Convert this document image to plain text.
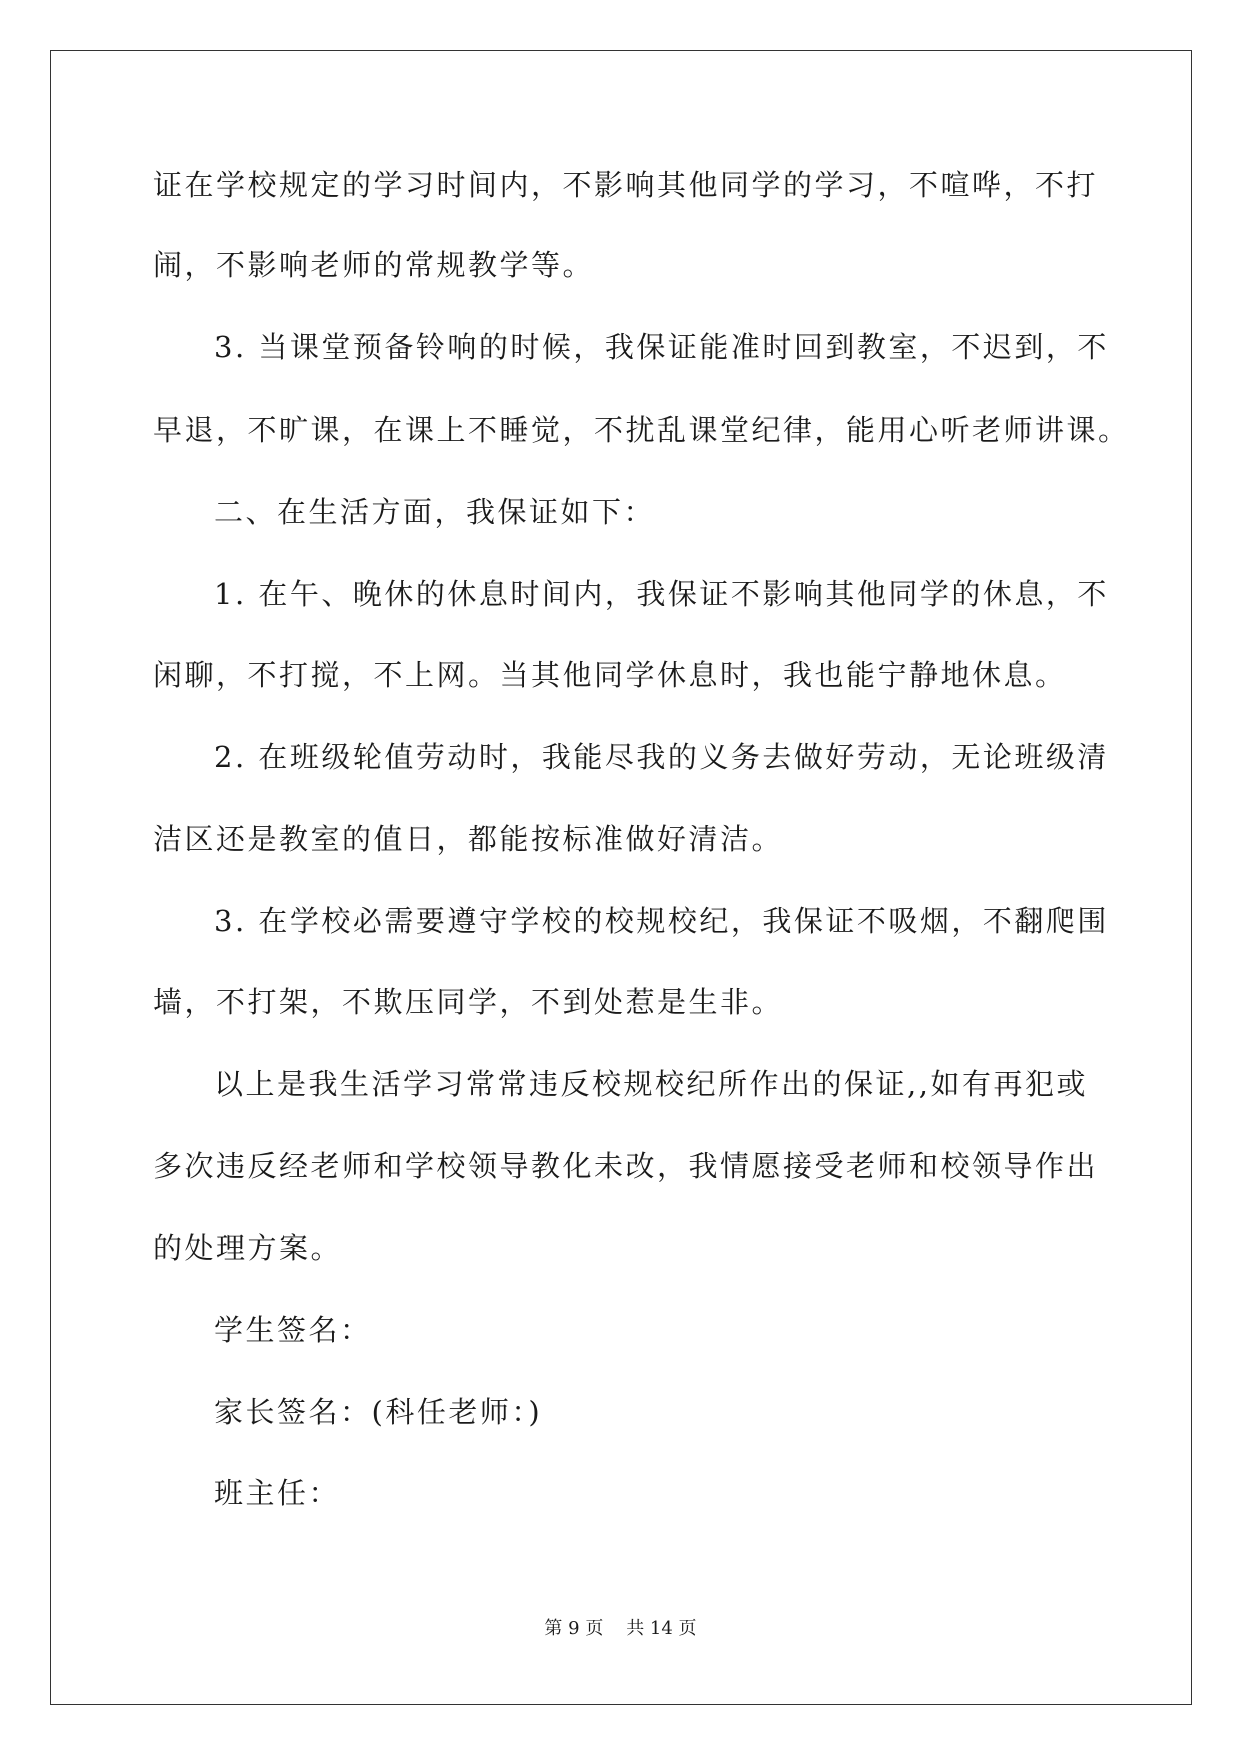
证在学校规定的学习时间内，不影响其他同学的学习，不喧哗，不打
闹，不影响老师的常规教学等。
3. 当课堂预备铃响的时候，我保证能准时回到教室，不迟到，不
早退，不旷课，在课上不睡觉，不扰乱课堂纪律，能用心听老师讲课。
二、在生活方面，我保证如下：
1. 在午、晚休的休息时间内，我保证不影响其他同学的休息，不
闲聊，不打搅，不上网。当其他同学休息时，我也能宁静地休息。
2. 在班级轮值劳动时，我能尽我的义务去做好劳动，无论班级清
洁区还是教室的值日，都能按标准做好清洁。
3. 在学校必需要遵守学校的校规校纪，我保证不吸烟，不翻爬围
墙，不打架，不欺压同学，不到处惹是生非。
以上是我生活学习常常违反校规校纪所作出的保证,,如有再犯或
多次违反经老师和学校领导教化未改，我情愿接受老师和校领导作出
的处理方案。
学生签名：
家长签名：(科任老师：)
班主任：
第 9 页    共 14 页
